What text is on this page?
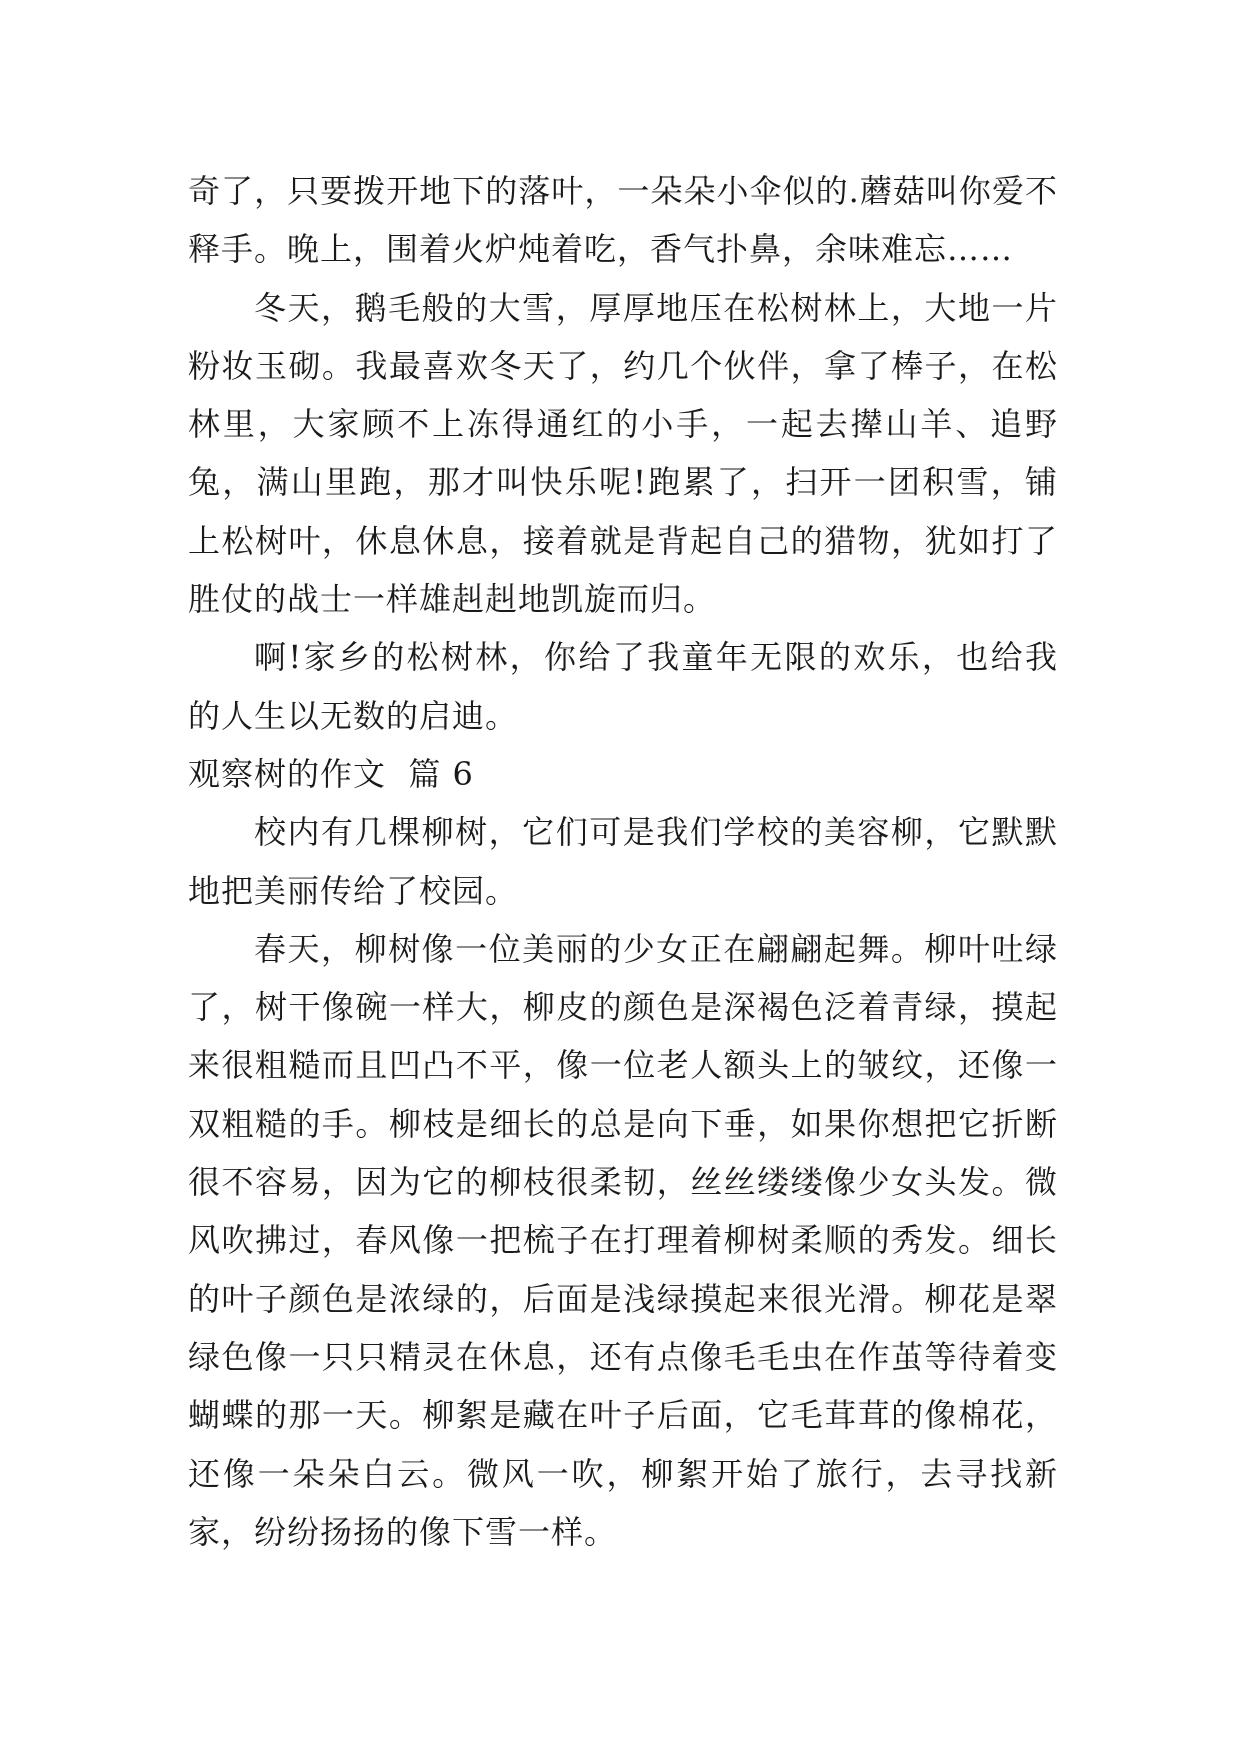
奇了，只要拨开地下的落叶，一朵朵小伞似的.蘑菇叫你爱不释手。晚上，围着火炉炖着吃，香气扑鼻，余味难忘……

冬天，鹅毛般的大雪，厚厚地压在松树林上，大地一片粉妆玉砌。我最喜欢冬天了，约几个伙伴，拿了棒子，在松林里，大家顾不上冻得通红的小手，一起去撵山羊、追野兔，满山里跑，那才叫快乐呢!跑累了，扫开一团积雪，铺上松树叶，休息休息，接着就是背起自己的猎物，犹如打了胜仗的战士一样雄赳赳地凯旋而归。

啊!家乡的松树林，你给了我童年无限的欢乐，也给我的人生以无数的启迪。

观察树的作文  篇 6

校内有几棵柳树，它们可是我们学校的美容柳，它默默地把美丽传给了校园。

春天，柳树像一位美丽的少女正在翩翩起舞。柳叶吐绿了，树干像碗一样大，柳皮的颜色是深褐色泛着青绿，摸起来很粗糙而且凹凸不平，像一位老人额头上的皱纹，还像一双粗糙的手。柳枝是细长的总是向下垂，如果你想把它折断很不容易，因为它的柳枝很柔韧，丝丝缕缕像少女头发。微风吹拂过，春风像一把梳子在打理着柳树柔顺的秀发。细长的叶子颜色是浓绿的，后面是浅绿摸起来很光滑。柳花是翠绿色像一只只精灵在休息，还有点像毛毛虫在作茧等待着变蝴蝶的那一天。柳絮是藏在叶子后面，它毛茸茸的像棉花，还像一朵朵白云。微风一吹，柳絮开始了旅行，去寻找新家，纷纷扬扬的像下雪一样。
